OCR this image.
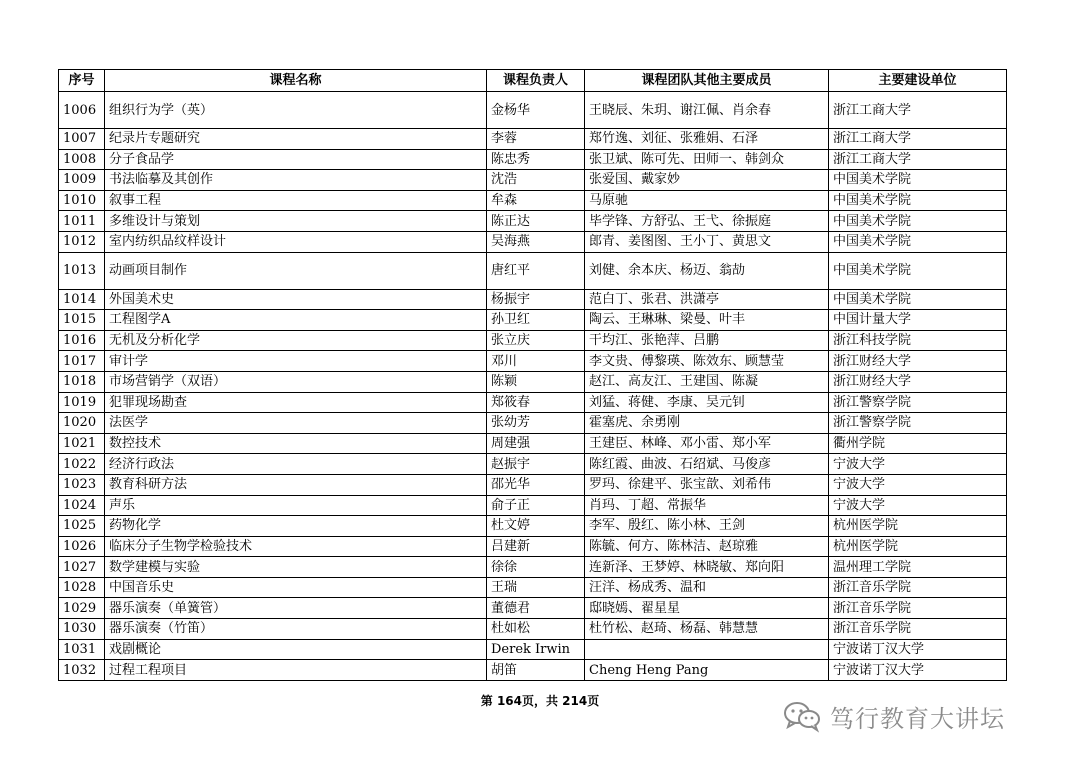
序号	课程名称	课程负责人	课程团队其他主要成员	主要建设单位
1006	组织行为学（英）	金杨华	王晓辰、朱玥、谢江佩、肖余春	浙江工商大学
1007	纪录片专题研究	李蓉	郑竹逸、刘征、张雅娟、石泽	浙江工商大学
1008	分子食品学	陈忠秀	张卫斌、陈可先、田师一、韩剑众	浙江工商大学
1009	书法临摹及其创作	沈浩	张爱国、戴家妙	中国美术学院
1010	叙事工程	牟森	马原驰	中国美术学院
1011	多维设计与策划	陈正达	毕学锋、方舒弘、王弋、徐振庭	中国美术学院
1012	室内纺织品纹样设计	吴海燕	郎青、姜图图、王小丁、黄思文	中国美术学院
1013	动画项目制作	唐红平	刘健、余本庆、杨迈、翁劼	中国美术学院
1014	外国美术史	杨振宇	范白丁、张君、洪潇亭	中国美术学院
1015	工程图学A	孙卫红	陶云、王琳琳、梁曼、叶丰	中国计量大学
1016	无机及分析化学	张立庆	干均江、张艳萍、吕鹏	浙江科技学院
1017	审计学	邓川	李文贵、傅黎瑛、陈效东、顾慧莹	浙江财经大学
1018	市场营销学（双语）	陈颖	赵江、高友江、王建国、陈凝	浙江财经大学
1019	犯罪现场勘查	郑筱春	刘猛、蒋健、李康、吴元钊	浙江警察学院
1020	法医学	张幼芳	霍塞虎、余勇刚	浙江警察学院
1021	数控技术	周建强	王建臣、林峰、邓小雷、郑小军	衢州学院
1022	经济行政法	赵振宇	陈红霞、曲波、石绍斌、马俊彦	宁波大学
1023	教育科研方法	邵光华	罗玛、徐建平、张宝歆、刘希伟	宁波大学
1024	声乐	俞子正	肖玛、丁超、常振华	宁波大学
1025	药物化学	杜文婷	李军、殷红、陈小林、王剑	杭州医学院
1026	临床分子生物学检验技术	吕建新	陈毓、何方、陈林洁、赵琼雅	杭州医学院
1027	数学建模与实验	徐徐	连新泽、王梦婷、林晓敏、郑向阳	温州理工学院
1028	中国音乐史	王瑞	汪洋、杨成秀、温和	浙江音乐学院
1029	器乐演奏（单簧管）	董德君	邸晓嫣、翟星星	浙江音乐学院
1030	器乐演奏（竹笛）	杜如松	杜竹松、赵琦、杨磊、韩慧慧	浙江音乐学院
1031	戏剧概论	Derek Irwin		宁波诺丁汉大学
1032	过程工程项目	胡笛	Cheng Heng Pang	宁波诺丁汉大学
第 164页，共 214页
笃行教育大讲坛
